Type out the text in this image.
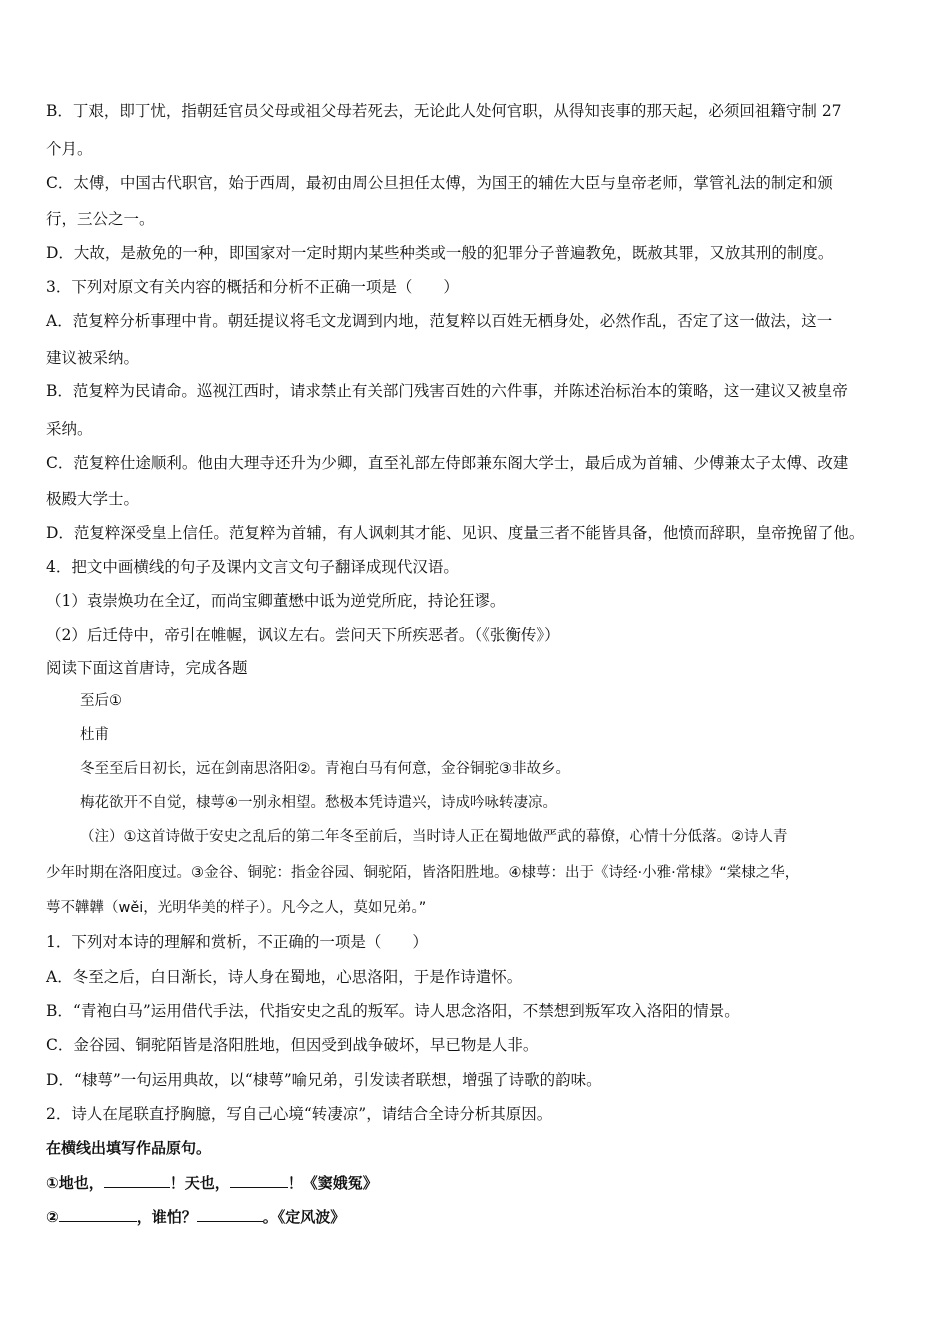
B．丁艰，即丁忧，指朝廷官员父母或祖父母若死去，无论此人处何官职，从得知丧事的那天起，必须回祖籍守制 27
个月。
C．太傅，中国古代职官，始于西周，最初由周公旦担任太傅，为国王的辅佐大臣与皇帝老师，掌管礼法的制定和颁
行，三公之一。
D．大故，是赦免的一种，即国家对一定时期内某些种类或一般的犯罪分子普遍教免，既赦其罪，又放其刑的制度。
3．下列对原文有关内容的概括和分析不正确一项是（　　）
A．范复粹分析事理中肯。朝廷提议将毛文龙调到内地，范复粹以百姓无栖身处，必然作乱，否定了这一做法，这一
建议被采纳。
B．范复粹为民请命。巡视江西时，请求禁止有关部门残害百姓的六件事，并陈述治标治本的策略，这一建议又被皇帝
采纳。
C．范复粹仕途顺利。他由大理寺还升为少卿，直至礼部左侍郎兼东阁大学士，最后成为首辅、少傅兼太子太傅、改建
极殿大学士。
D．范复粹深受皇上信任。范复粹为首辅，有人讽刺其才能、见识、度量三者不能皆具备，他愤而辞职，皇帝挽留了他。
4．把文中画横线的句子及课内文言文句子翻译成现代汉语。
（1）袁崇焕功在全辽，而尚宝卿董懋中诋为逆党所庇，持论狂谬。
（2）后迁侍中，帝引在帷幄，讽议左右。尝问天下所疾恶者。（《张衡传》）
阅读下面这首唐诗，完成各题
至后①
杜甫
冬至至后日初长，远在剑南思洛阳②。青袍白马有何意，金谷铜驼③非故乡。
梅花欲开不自觉，棣萼④一别永相望。愁极本凭诗遣兴，诗成吟咏转凄凉。
（注）①这首诗做于安史之乱后的第二年冬至前后，当时诗人正在蜀地做严武的幕僚，心情十分低落。②诗人青
少年时期在洛阳度过。③金谷、铜驼：指金谷园、铜驼陌，皆洛阳胜地。④棣萼：出于《诗经·小雅·常棣》“棠棣之华，
萼不韡韡（wěi，光明华美的样子）。凡今之人，莫如兄弟。”
1．下列对本诗的理解和赏析，不正确的一项是（　　）
A．冬至之后，白日渐长，诗人身在蜀地，心思洛阳，于是作诗遣怀。
B．“青袍白马”运用借代手法，代指安史之乱的叛军。诗人思念洛阳，不禁想到叛军攻入洛阳的情景。
C．金谷园、铜驼陌皆是洛阳胜地，但因受到战争破坏，早已物是人非。
D．“棣萼”一句运用典故，以“棣萼”喻兄弟，引发读者联想，增强了诗歌的韵味。
2．诗人在尾联直抒胸臆，写自己心境“转凄凉”，请结合全诗分析其原因。
在横线出填写作品原句。
①地也，	！天也，	！《窦娥冤》
②	，谁怕？	。《定风波》
